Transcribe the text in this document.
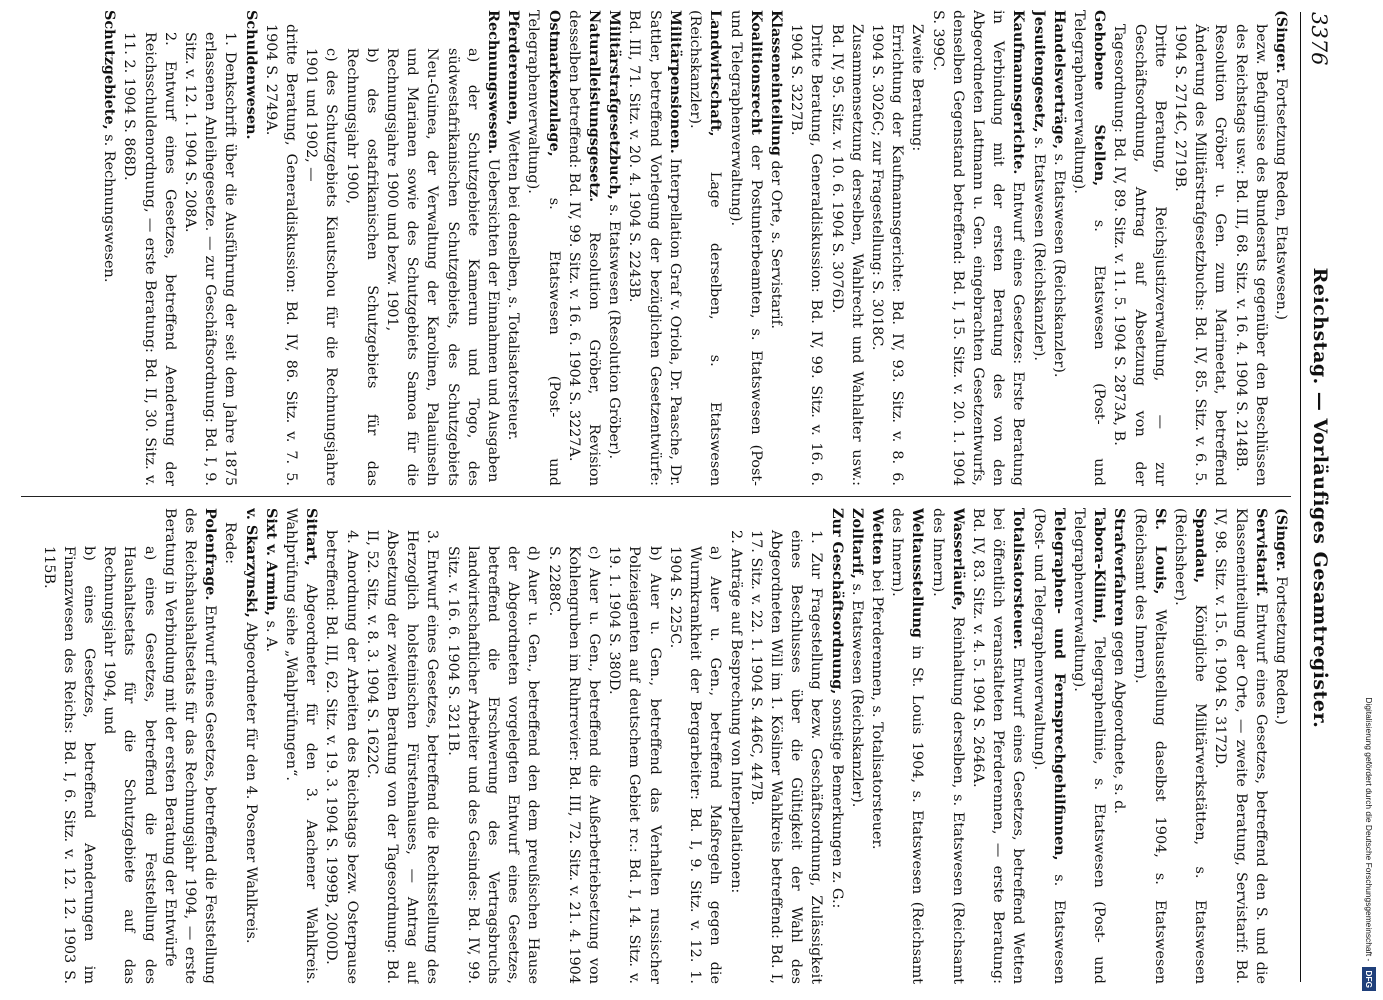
3376
Reichstag. — Vorläufiges Gesamtregister.

(Singer. Fortsetzung Reden, Etatswesen.)

bezw. Befugnisse des Bundesrats gegenüber den Beschlüssen des Reichstags usw.: Bd. III, 68. Sitz. v. 16. 4. 1904 S. 2148B.

Resolution Gröber u. Gen. zum Marineetat, betreffend Änderung des Militärstrafgesetzbuchs: Bd. IV, 85. Sitz. v. 6. 5. 1904 S. 2714C, 2719B.

Dritte Beratung, Reichsjustizverwaltung, — zur Geschäftsordnung, Antrag auf Absetzung von der Tagesordnung: Bd. IV, 89. Sitz. v. 11. 5. 1904 S. 2873A, B.

Gehobene Stellen, s. Etatswesen (Post- und Telegraphenverwaltung).

Handelsverträge, s. Etatswesen (Reichskanzler).

Jesuitengesetz, s. Etatswesen (Reichskanzler).

Kaufmannsgerichte. Entwurf eines Gesetzes: Erste Beratung in Verbindung mit der ersten Beratung des von den Abgeordneten Lattmann u. Gen. eingebrachten Gesetzentwurfs, denselben Gegenstand betreffend: Bd. I, 15. Sitz. v. 20. 1. 1904 S. 399C.

Zweite Beratung:

Errichtung der Kaufmannsgerichte: Bd. IV, 93. Sitz. v. 8. 6. 1904 S. 3026C; zur Fragestellung: S. 3018C.

Zusammensetzung derselben, Wahlrecht und Wahlalter usw.: Bd. IV, 95. Sitz. v. 10. 6. 1904 S. 3076D.

Dritte Beratung, Generaldiskussion: Bd. IV, 99. Sitz. v. 16. 6. 1904 S. 3227B.

Klasseneinteilung der Orte, s. Servistarif.

Koalitionsrecht der Postunterbeamten, s. Etatswesen (Post- und Telegraphenverwaltung).

Landwirtschaft, Lage derselben, s. Etatswesen (Reichskanzler).

Militärpensionen. Interpellation Graf v. Oriola, Dr. Paasche, Dr. Sattler, betreffend Vorlegung der bezüglichen Gesetzentwürfe: Bd. III, 71. Sitz. v. 20. 4. 1904 S. 2243B.

Militärstrafgesetzbuch, s. Etatswesen (Resolution Gröber).

Naturalleistungsgesetz. Resolution Gröber, Revision desselben betreffend: Bd. IV, 99. Sitz. v. 16. 6. 1904 S. 3227A.

Ostmarkenzulage, s. Etatswesen (Post- und Telegraphenverwaltung).

Pferderennen, Wetten bei denselben, s. Totalisatorsteuer.

Rechnungswesen. Uebersichten der Einnahmen und Ausgaben

a) der Schutzgebiete Kamerun und Togo, des südwestafrikanischen Schutzgebiets, des Schutzgebiets Neu-Guinea, der Verwaltung der Karolinen, Palauinseln und Marianen sowie des Schutzgebiets Samoa für die Rechnungsjahre 1900 und bezw. 1901,

b) des ostafrikanischen Schutzgebiets für das Rechnungsjahr 1900,

c) des Schutzgebiets Kiautschou für die Rechnungsjahre 1901 und 1902, —

dritte Beratung, Generaldiskussion: Bd. IV, 86. Sitz. v. 7. 5. 1904 S. 2749A.

Schuldenwesen.

1. Denkschrift über die Ausführung der seit dem Jahre 1875 erlassenen Anleihegesetze. — zur Geschäftsordnung: Bd. I, 9. Sitz. v. 12. 1. 1904 S. 208A.

2. Entwurf eines Gesetzes, betreffend Aenderung der Reichsschuldenordnung, — erste Beratung: Bd. II, 30. Sitz. v. 11. 2. 1904 S. 868D.

Schutzgebiete, s. Rechnungswesen.

(Singer. Fortsetzung Reden.)

Servistarif. Entwurf eines Gesetzes, betreffend den S. und die Klasseneinteilung der Orte, — zweite Beratung, Servistarif: Bd. IV, 98. Sitz. v. 15. 6. 1904 S. 3172D.

Spandau, Königliche Militärwerkstätten, s. Etatswesen (Reichsheer).

St. Louis, Weltausstellung daselbst 1904, s. Etatswesen (Reichsamt des Innern).

Strafverfahren gegen Abgeordnete, s. d.

Tabora-Kilimi, Telegraphenlinie, s. Etatswesen (Post- und Telegraphenverwaltung).

Telegraphen- und Fernsprechgehilfinnen, s. Etatswesen (Post- und Telegraphenverwaltung).

Totalisatorsteuer. Entwurf eines Gesetzes, betreffend Wetten bei öffentlich veranstalteten Pferderennen, — erste Beratung: Bd. IV, 83. Sitz. v. 4. 5. 1904 S. 2646A.

Wasserläufe, Reinhaltung derselben, s. Etatswesen (Reichsamt des Innern).

Weltausstellung in St. Louis 1904, s. Etatswesen (Reichsamt des Innern).

Wetten bei Pferderennen, s. Totalisatorsteuer.

Zolltarif, s. Etatswesen (Reichskanzler).

Zur Geschäftsordnung, sonstige Bemerkungen z. G.:

1. Zur Fragestellung bezw. Geschäftsordnung, Zulässigkeit eines Beschlusses über die Gültigkeit der Wahl des Abgeordneten Will im 1. Kösliner Wahlkreis betreffend: Bd. I, 17. Sitz. v. 22. 1. 1904 S. 446C, 447B.

2. Anträge auf Besprechung von Interpellationen:

a) Auer u. Gen., betreffend Maßregeln gegen die Wurmkrankheit der Bergarbeiter: Bd. I, 9. Sitz. v. 12. 1. 1904 S. 225C.

b) Auer u. Gen., betreffend das Verhalten russischer Polizeiagenten auf deutschem Gebiet rc.: Bd. I, 14. Sitz. v. 19. 1. 1904 S. 380D.

c) Auer u. Gen., betreffend die Außerbetriebsetzung von Kohlengruben im Ruhrrevier: Bd. III, 72. Sitz. v. 21. 4. 1904 S. 2288C.

d) Auer u. Gen., betreffend den dem preußischen Hause der Abgeordneten vorgelegten Entwurf eines Gesetzes, betreffend die Erschwerung des Vertragsbruchs landwirtschaftlicher Arbeiter und des Gesindes: Bd. IV, 99. Sitz. v. 16. 6. 1904 S. 3211B.

3. Entwurf eines Gesetzes, betreffend die Rechtsstellung des Herzoglich holsteinischen Fürstenhauses, — Antrag auf Absetzung der zweiten Beratung von der Tagesordnung: Bd. II, 52. Sitz. v. 8. 3. 1904 S. 1622C.

4. Anordnung der Arbeiten des Reichstags bezw. Osterpause betreffend: Bd. III, 62. Sitz. v. 19. 3. 1904 S. 1999B, 2000D.

Sittart, Abgeordneter für den 3. Aachener Wahlkreis. Wahlprüfung siehe „Wahlprüfungen“.

Sixt v. Armin, s. A.

v. Skarzynski, Abgeordneter für den 4. Posener Wahlkreis.

Rede:

Polenfrage. Entwurf eines Gesetzes, betreffend die Feststellung des Reichshaushaltsetats für das Rechnungsjahr 1904, — erste Beratung in Verbindung mit der ersten Beratung der Entwürfe

a) eines Gesetzes, betreffend die Feststellung des Haushaltsetats für die Schutzgebiete auf das Rechnungsjahr 1904, und

b) eines Gesetzes, betreffend Aenderungen im Finanzwesen des Reichs: Bd. I, 6. Sitz. v. 12. 12. 1903 S. 115B.

Digitalisierung gefördert durch die Deutsche Forschungsgemeinschaft -DFG
